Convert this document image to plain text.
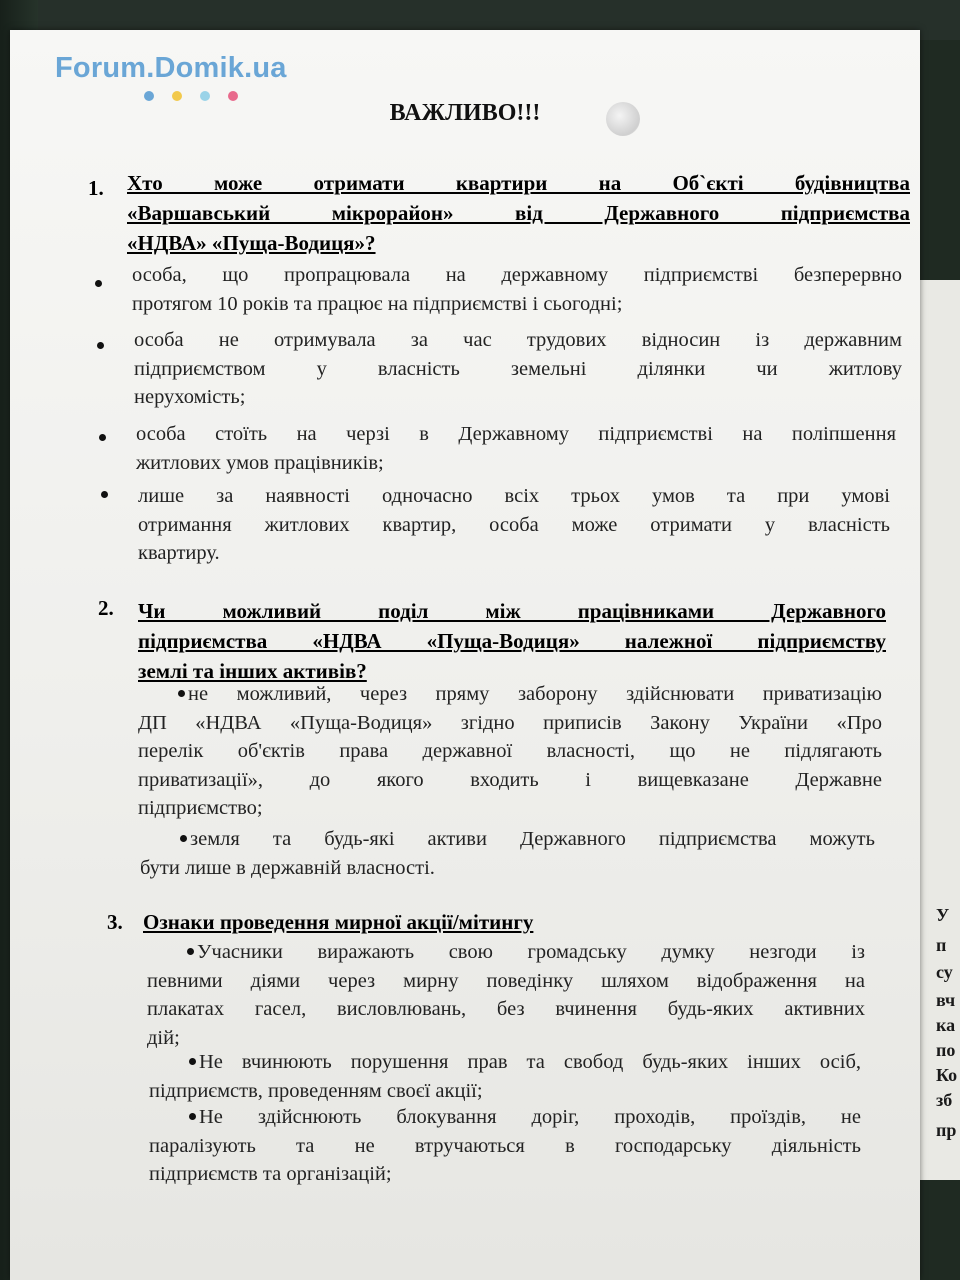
У
п
су
вч
ка
по
Ко
зб
пр
Forum.Domik.ua
ВАЖЛИВО!!!
1. Хто може отримати квартири на Об`єкті будівництва
«Варшавський мікрорайон» від Державного підприємства
«НДВА» «Пуща-Водиця»?
особа, що пропрацювала на державному підприємстві безперервно
протягом 10 років та працює на підприємстві і сьогодні;
особа не отримувала за час трудових відносин із державним
підприємством у власність земельні ділянки чи житлову
нерухомість;
особа стоїть на черзі в Державному підприємстві на поліпшення
житлових умов працівників;
лише за наявності одночасно всіх трьох умов та при умові
отримання житлових квартир, особа може отримати у власність
квартиру.
2. Чи можливий поділ між працівниками Державного
підприємства «НДВА «Пуща-Водиця» належної підприємству
землі та інших активів?
не можливий, через пряму заборону здійснювати приватизацію
ДП «НДВА «Пуща-Водиця» згідно приписів Закону України «Про
перелік об'єктів права державної власності, що не підлягають
приватизації», до якого входить і вищевказане Державне
підприємство;
земля та будь-які активи Державного підприємства можуть
бути лише в державній власності.
3. Ознаки проведення мирної акції/мітингу
Учасники виражають свою громадську думку незгоди із
певними діями через мирну поведінку шляхом відображення на
плакатах гасел, висловлювань, без вчинення будь-яких активних
дій;
Не вчинюють порушення прав та свобод будь-яких інших осіб,
підприємств, проведенням своєї акції;
Не здійснюють блокування доріг, проходів, проїздів, не
паралізують та не втручаються в господарську діяльність
підприємств та організацій;
